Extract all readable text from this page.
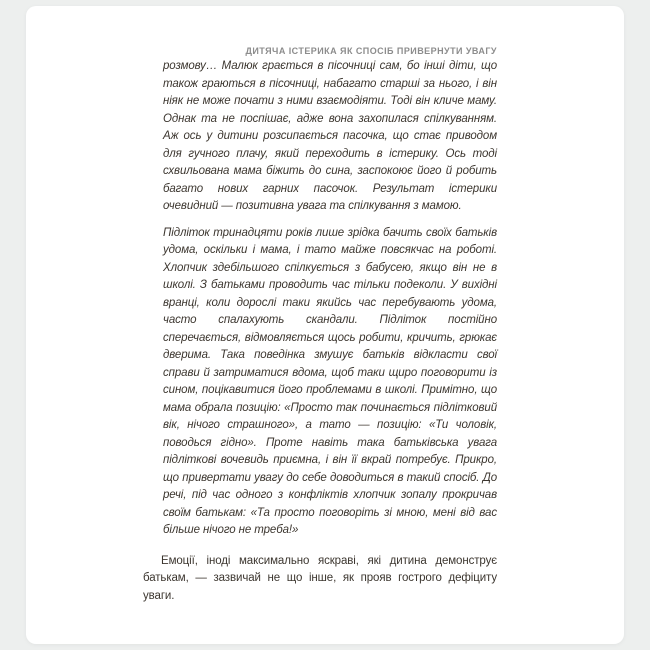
ДИТЯЧА ІСТЕРИКА ЯК СПОСІБ ПРИВЕРНУТИ УВАГУ

розмову… Малюк грається в пісочниці сам, бо інші діти, що також граються в пісочниці, набагато старші за нього, і він ніяк не може почати з ними взаємодіяти. Тоді він кличе маму. Однак та не поспішає, адже вона захопилася спілкуванням. Аж ось у дитини розсипається пасочка, що стає приводом для гучного плачу, який переходить в істерику. Ось тоді схвильована мама біжить до сина, заспокоює його й робить багато нових гарних пасочок. Результат істерики очевидний — позитивна увага та спілкування з мамою.

Підліток тринадцяти років лише зрідка бачить своїх батьків удома, оскільки і мама, і тато майже повсякчас на роботі. Хлопчик здебільшого спілкується з бабусею, якщо він не в школі. З батьками проводить час тільки подеколи. У вихідні вранці, коли дорослі таки якийсь час перебувають удома, часто спалахують скандали. Підліток постійно сперечається, відмовляється щось робити, кричить, грюкає дверима. Така поведінка змушує батьків відкласти свої справи й затриматися вдома, щоб таки щиро поговорити із сином, поцікавитися його проблемами в школі. Примітно, що мама обрала позицію: «Просто так починається підлітковий вік, нічого страшного», а тато — позицію: «Ти чоловік, поводься гідно». Проте навіть така батьківська увага підліткові вочевидь приємна, і він її вкрай потребує. Прикро, що привертати увагу до себе доводиться в такий спосіб. До речі, під час одного з конфліктів хлопчик зопалу прокричав своїм батькам: «Та просто поговоріть зі мною, мені від вас більше нічого не треба!»

Емоції, іноді максимально яскраві, які дитина демонструє батькам, — зазвичай не що інше, як прояв гострого дефіциту уваги.
